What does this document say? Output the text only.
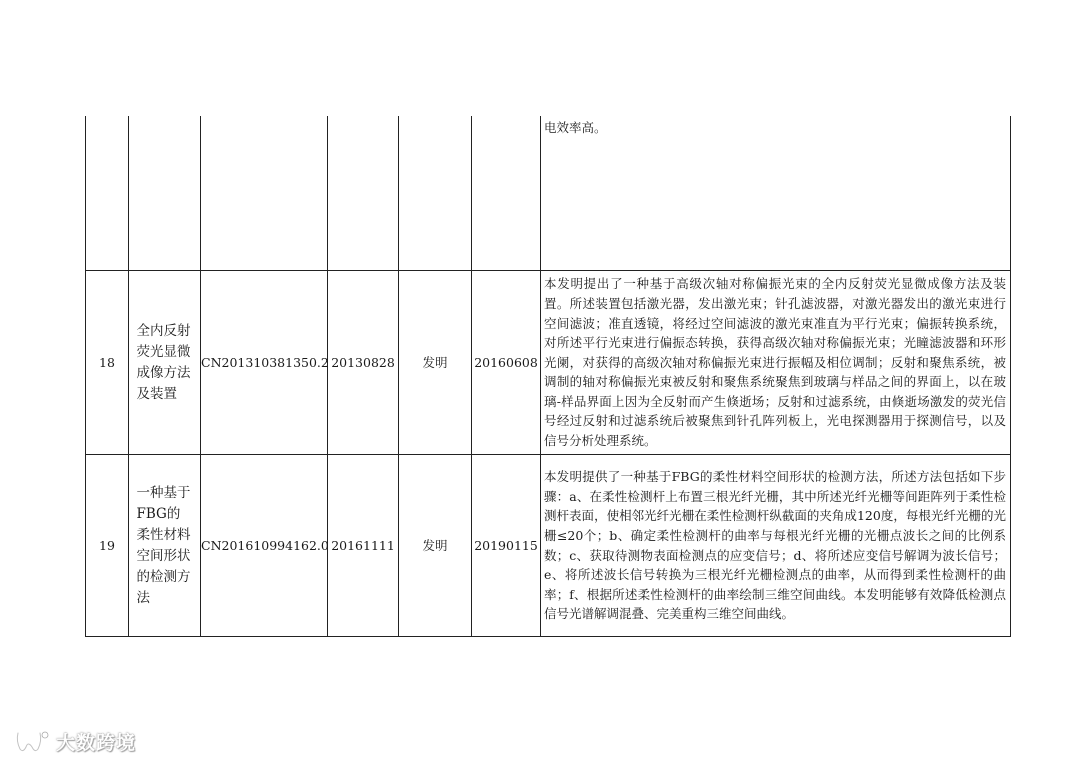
						电效率高。

18	全内反射荧光显微成像方法及装置	CN201310381350.2	20130828	发明	20160608	本发明提出了一种基于高级次轴对称偏振光束的全内反射荧光显微成像方法及装置。所述装置包括激光器，发出激光束；针孔滤波器，对激光器发出的激光束进行空间滤波；准直透镜，将经过空间滤波的激光束准直为平行光束；偏振转换系统，对所述平行光束进行偏振态转换，获得高级次轴对称偏振光束；光瞳滤波器和环形光阑，对获得的高级次轴对称偏振光束进行振幅及相位调制；反射和聚焦系统，被调制的轴对称偏振光束被反射和聚焦系统聚焦到玻璃与样品之间的界面上，以在玻璃-样品界面上因为全反射而产生倏逝场；反射和过滤系统，由倏逝场激发的荧光信号经过反射和过滤系统后被聚焦到针孔阵列板上，光电探测器用于探测信号，以及信号分析处理系统。

19	一种基于FBG的柔性材料空间形状的检测方法	CN201610994162.0	20161111	发明	20190115	本发明提供了一种基于FBG的柔性材料空间形状的检测方法，所述方法包括如下步骤：a、在柔性检测杆上布置三根光纤光栅，其中所述光纤光栅等间距阵列于柔性检测杆表面，使相邻光纤光栅在柔性检测杆纵截面的夹角成120度，每根光纤光栅的光栅≤20个；b、确定柔性检测杆的曲率与每根光纤光栅的光栅点波长之间的比例系数；c、获取待测物表面检测点的应变信号；d、将所述应变信号解调为波长信号；e、将所述波长信号转换为三根光纤光栅检测点的曲率，从而得到柔性检测杆的曲率；f、根据所述柔性检测杆的曲率绘制三维空间曲线。本发明能够有效降低检测点信号光谱解调混叠、完美重构三维空间曲线。
大数跨境
